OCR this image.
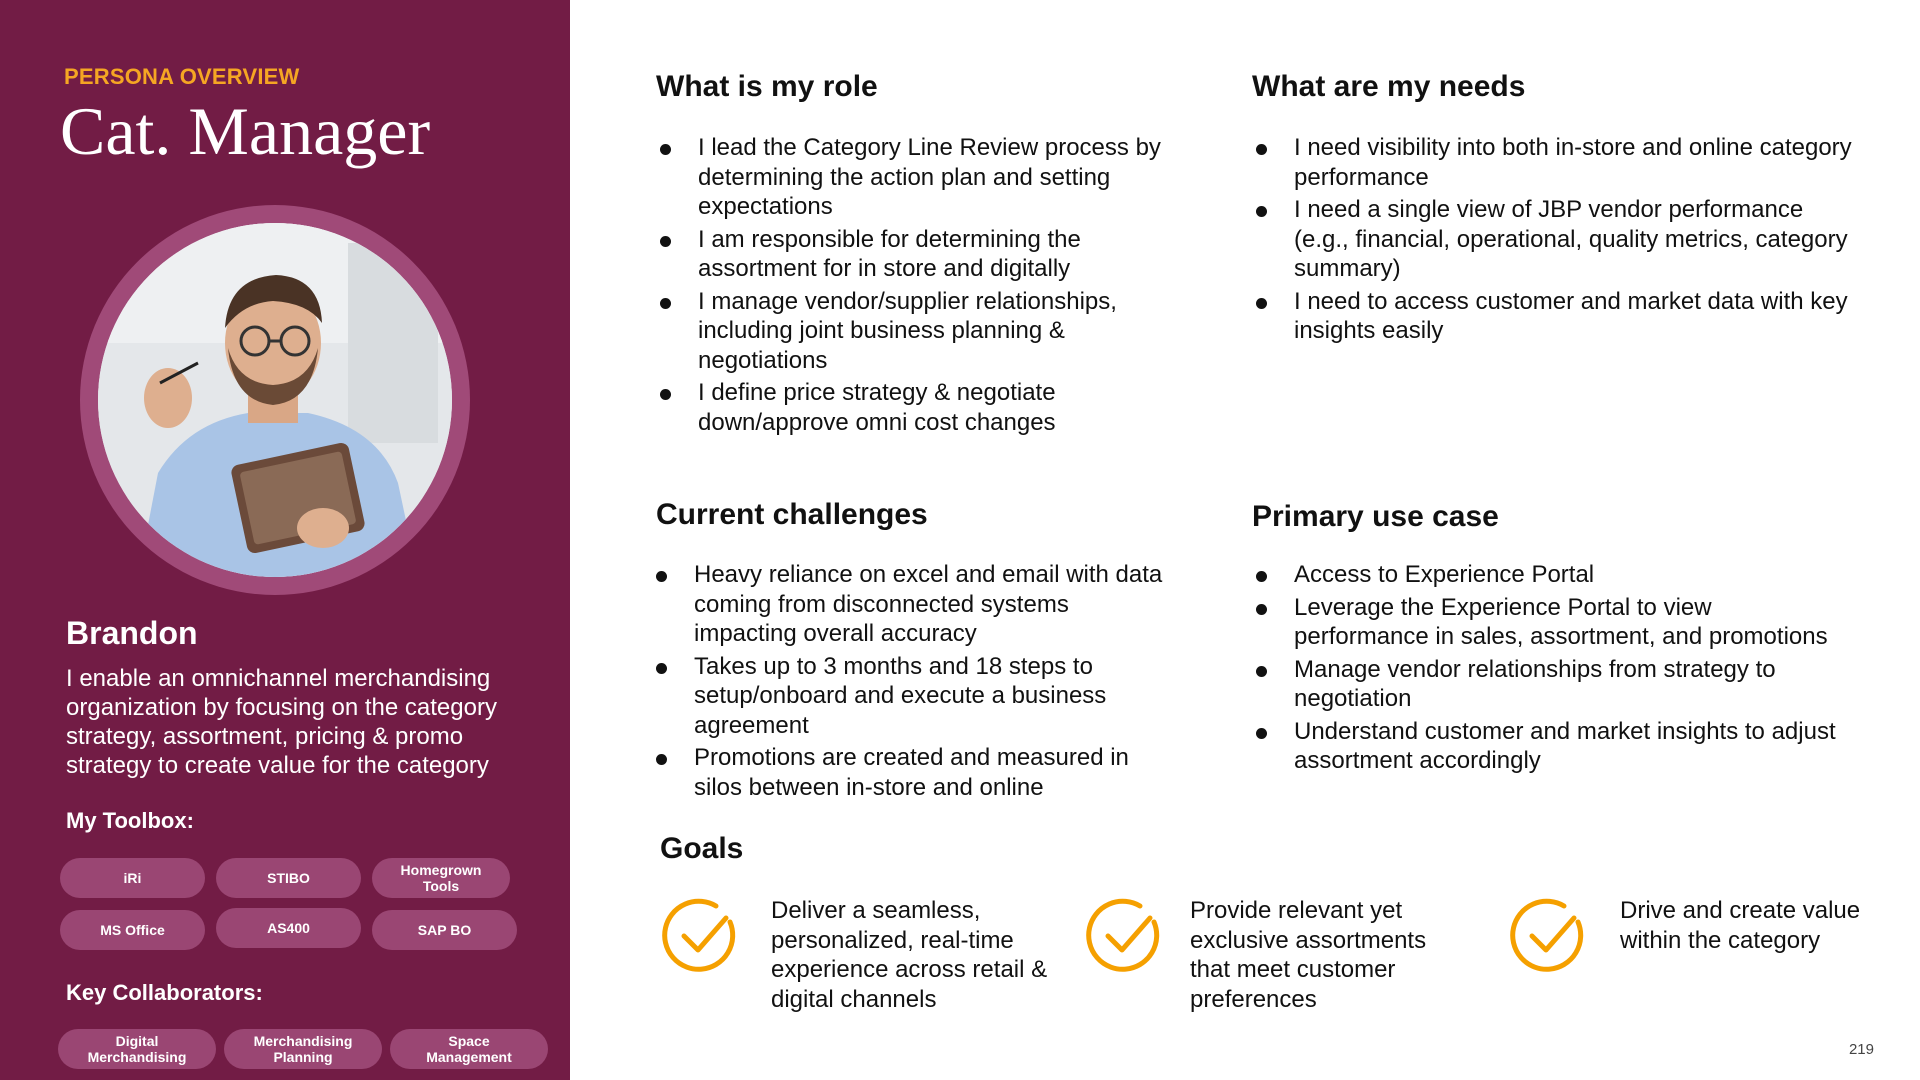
PERSONA OVERVIEW
Cat. Manager
Brandon
I enable an omnichannel merchandising organization by focusing on the category strategy, assortment, pricing & promo strategy to create value for the category
My Toolbox:
iRi	STIBO	Homegrown Tools
MS Office	AS400	SAP BO
Key Collaborators:
Digital Merchandising
Merchandising Planning
Space Management
What is my role
I lead the Category Line Review process by determining the action plan and setting expectations
I am responsible for determining the assortment for in store and digitally
I manage vendor/supplier relationships, including joint business planning & negotiations
I define price strategy & negotiate down/approve omni cost changes
What are my needs
I need visibility into both in-store and online category performance
I need a single view of JBP vendor performance (e.g., financial, operational, quality metrics, category summary)
I need to access customer and market data with key insights easily
Current challenges
Heavy reliance on excel and email with data coming from disconnected systems impacting overall accuracy
Takes up to 3 months and 18 steps to setup/onboard and execute a business agreement
Promotions are created and measured in silos between in-store and online
Primary use case
Access to Experience Portal
Leverage the Experience Portal to view performance in sales, assortment, and promotions
Manage vendor relationships from strategy to negotiation
Understand customer and market insights to adjust assortment accordingly
Goals
Deliver a seamless, personalized, real-time experience across retail & digital channels
Provide relevant yet exclusive assortments that meet customer preferences
Drive and create value within the category
219
